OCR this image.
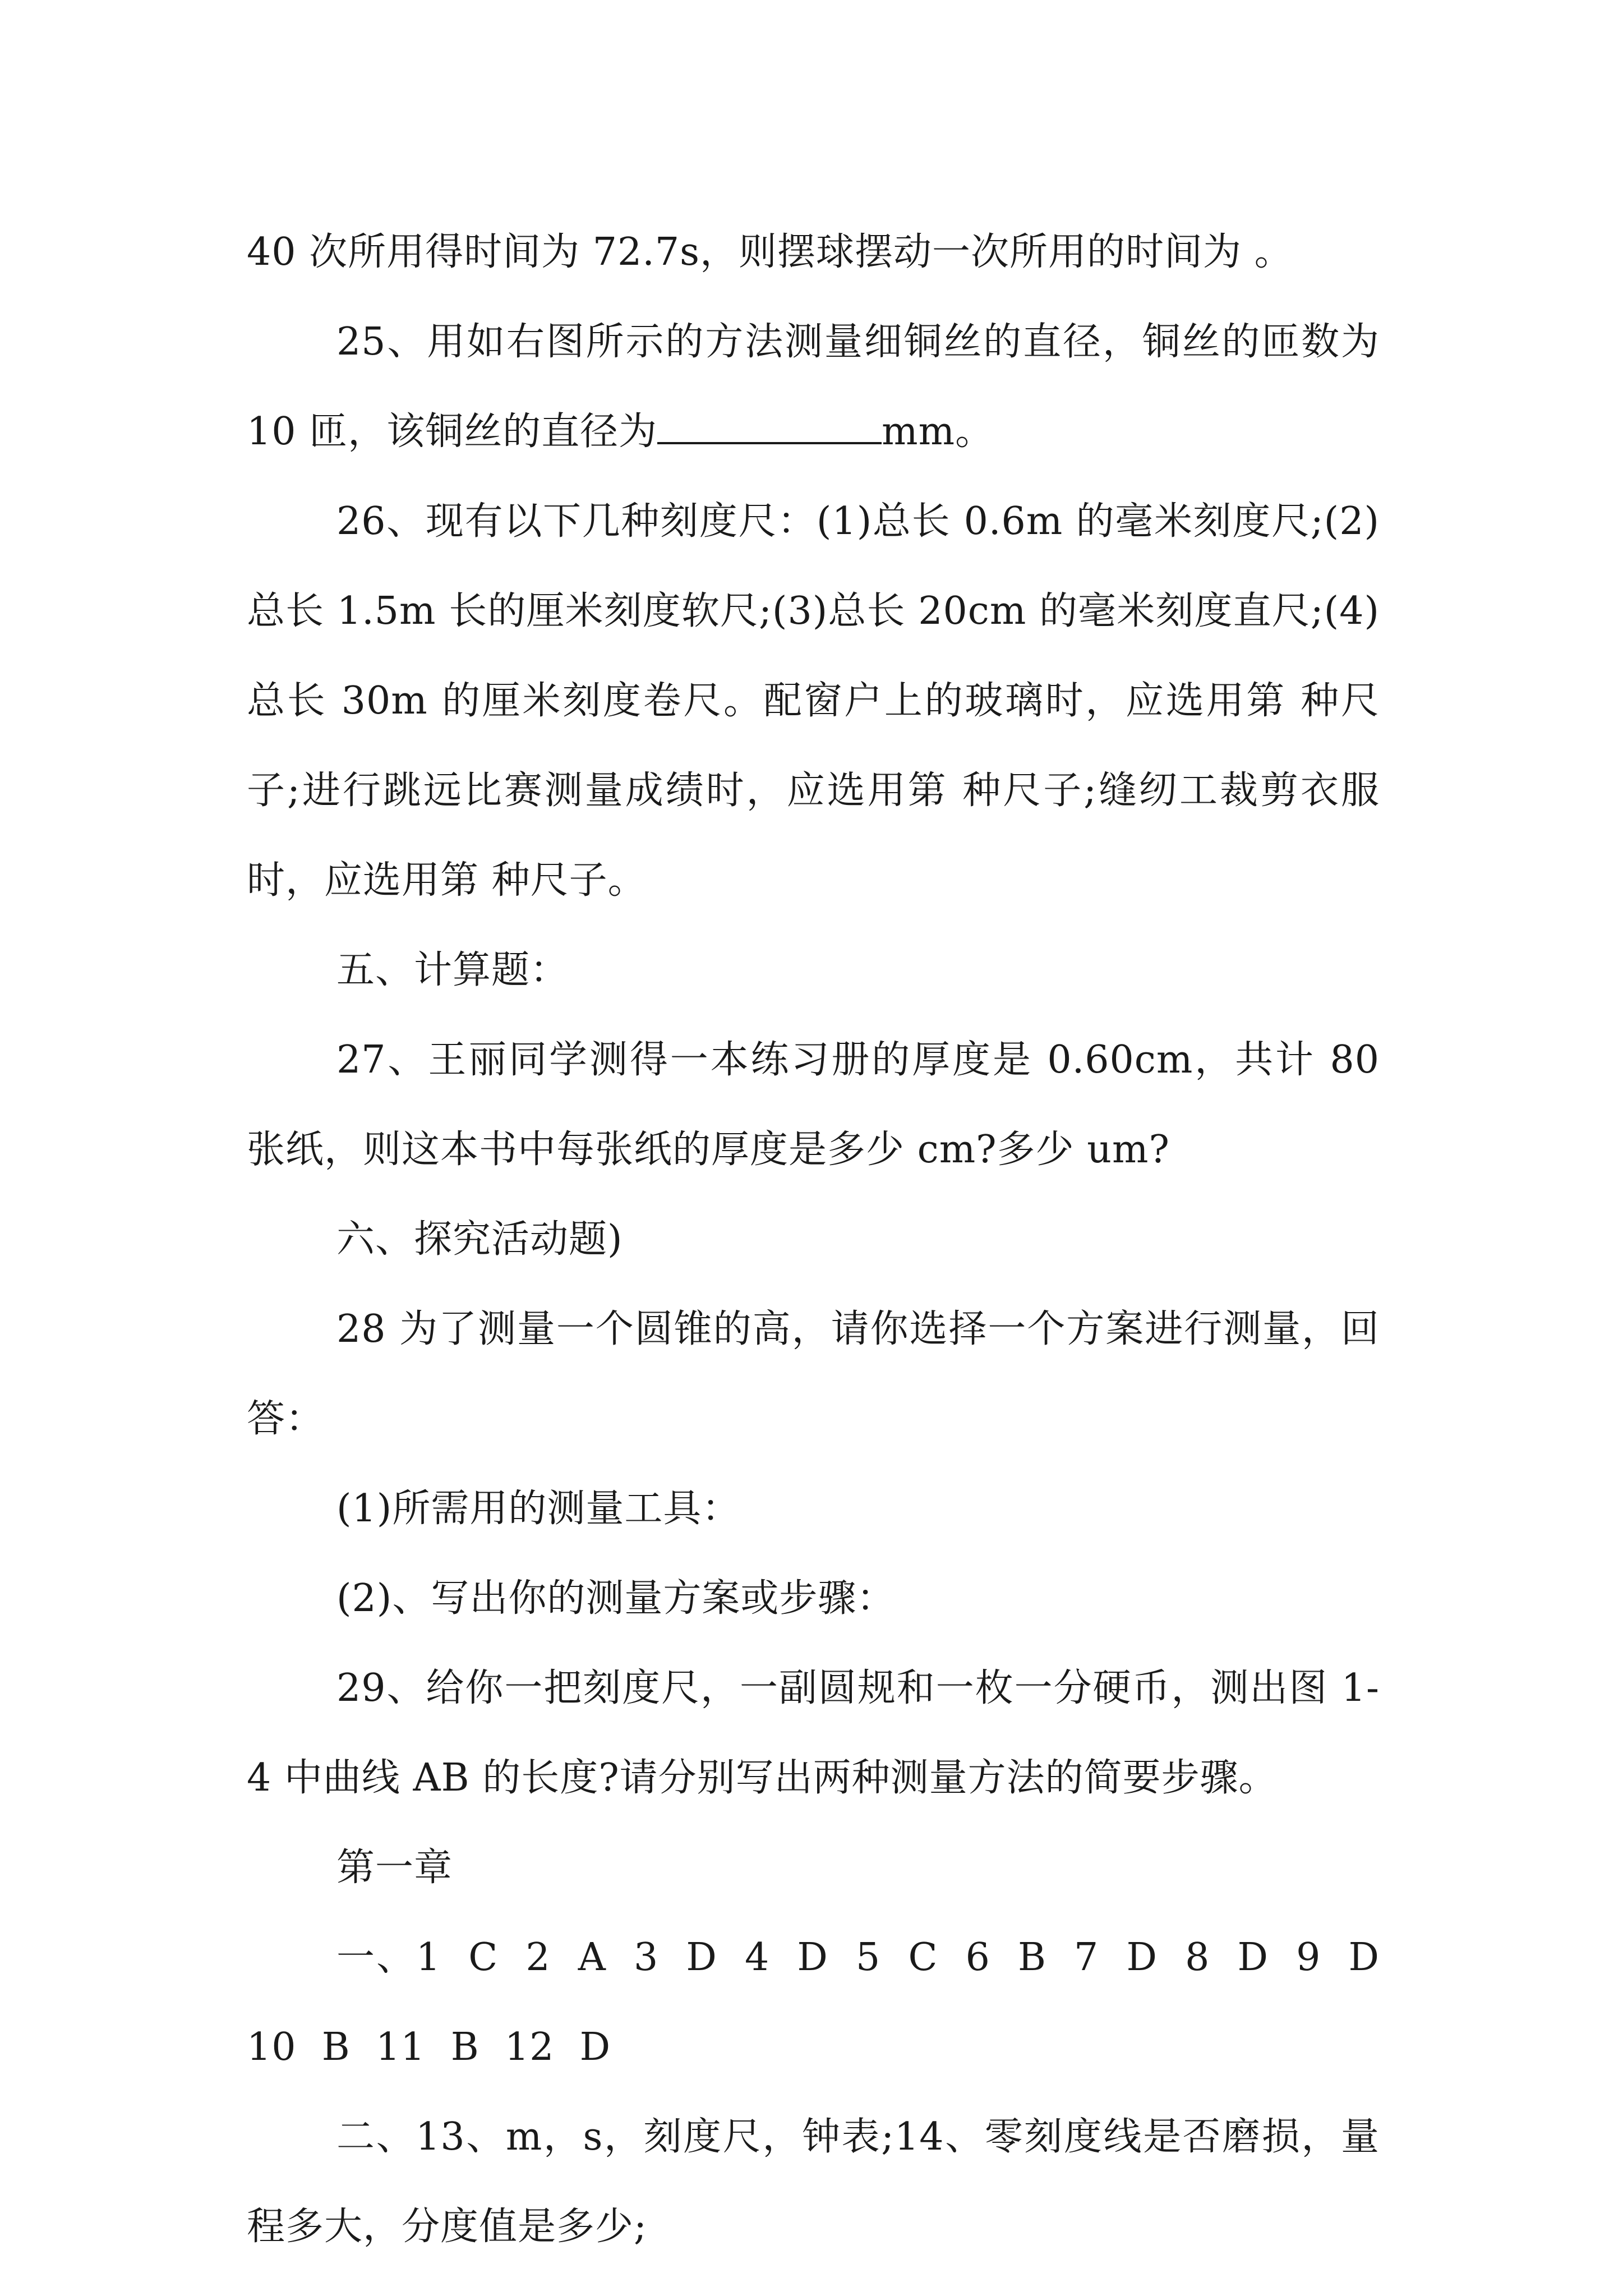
40 次所用得时间为 72.7s，则摆球摆动一次所用的时间为 。

25、用如右图所示的方法测量细铜丝的直径，铜丝的匝数为 10 匝，该铜丝的直径为	mm。

26、现有以下几种刻度尺：(1)总长 0.6m 的毫米刻度尺;(2)总长 1.5m 长的厘米刻度软尺;(3)总长 20cm 的毫米刻度直尺;(4)总长 30m 的厘米刻度卷尺。配窗户上的玻璃时，应选用第 种尺子;进行跳远比赛测量成绩时，应选用第 种尺子;缝纫工裁剪衣服时，应选用第 种尺子。

五、计算题：

27、王丽同学测得一本练习册的厚度是 0.60cm，共计 80 张纸，则这本书中每张纸的厚度是多少 cm?多少 um?

六、探究活动题)

28 为了测量一个圆锥的高，请你选择一个方案进行测量，回答：

(1)所需用的测量工具：

(2)、写出你的测量方案或步骤：

29、给你一把刻度尺，一副圆规和一枚一分硬币，测出图 1-4 中曲线 AB 的长度?请分别写出两种测量方法的简要步骤。

第一章

一、1  C  2  A  3  D  4  D  5  C  6  B  7  D  8  D  9  D  10  B  11  B  12  D

二、13、m，s，刻度尺，钟表;14、零刻度线是否磨损，量程多大，分度值是多少;
